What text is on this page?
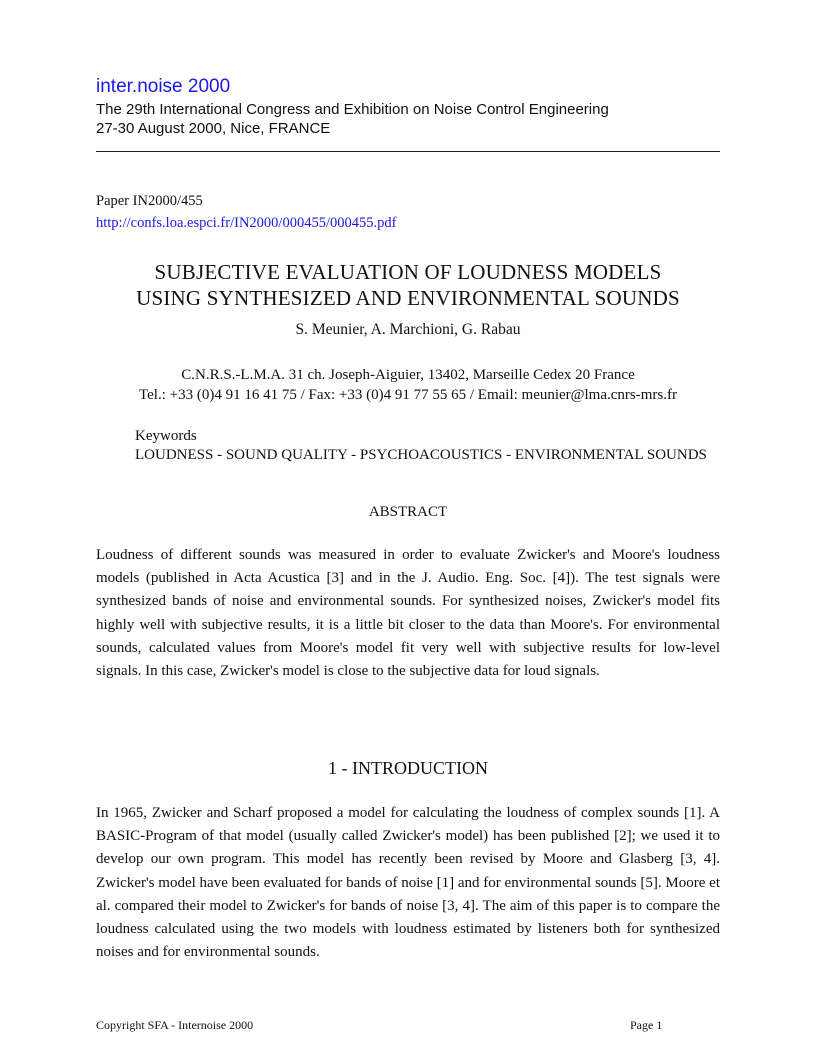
inter.noise 2000
The 29th International Congress and Exhibition on Noise Control Engineering
27-30 August 2000, Nice, FRANCE
Paper IN2000/455
http://confs.loa.espci.fr/IN2000/000455/000455.pdf
SUBJECTIVE EVALUATION OF LOUDNESS MODELS
USING SYNTHESIZED AND ENVIRONMENTAL SOUNDS
S. Meunier, A. Marchioni, G. Rabau
C.N.R.S.-L.M.A. 31 ch. Joseph-Aiguier, 13402, Marseille Cedex 20 France
Tel.: +33 (0)4 91 16 41 75 / Fax: +33 (0)4 91 77 55 65 / Email: meunier@lma.cnrs-mrs.fr
Keywords
LOUDNESS - SOUND QUALITY - PSYCHOACOUSTICS - ENVIRONMENTAL SOUNDS
ABSTRACT
Loudness of different sounds was measured in order to evaluate Zwicker's and Moore's loudness models (published in Acta Acustica [3] and in the J. Audio. Eng. Soc. [4]). The test signals were synthesized bands of noise and environmental sounds. For synthesized noises, Zwicker's model fits highly well with subjective results, it is a little bit closer to the data than Moore's. For environmental sounds, calculated values from Moore's model fit very well with subjective results for low-level signals. In this case, Zwicker's model is close to the subjective data for loud signals.
1 - INTRODUCTION
In 1965, Zwicker and Scharf proposed a model for calculating the loudness of complex sounds [1]. A BASIC-Program of that model (usually called Zwicker's model) has been published [2]; we used it to develop our own program. This model has recently been revised by Moore and Glasberg [3, 4]. Zwicker's model have been evaluated for bands of noise [1] and for environmental sounds [5]. Moore et al. compared their model to Zwicker's for bands of noise [3, 4]. The aim of this paper is to compare the loudness calculated using the two models with loudness estimated by listeners both for synthesized noises and for environmental sounds.
Copyright SFA - Internoise 2000	Page 1
